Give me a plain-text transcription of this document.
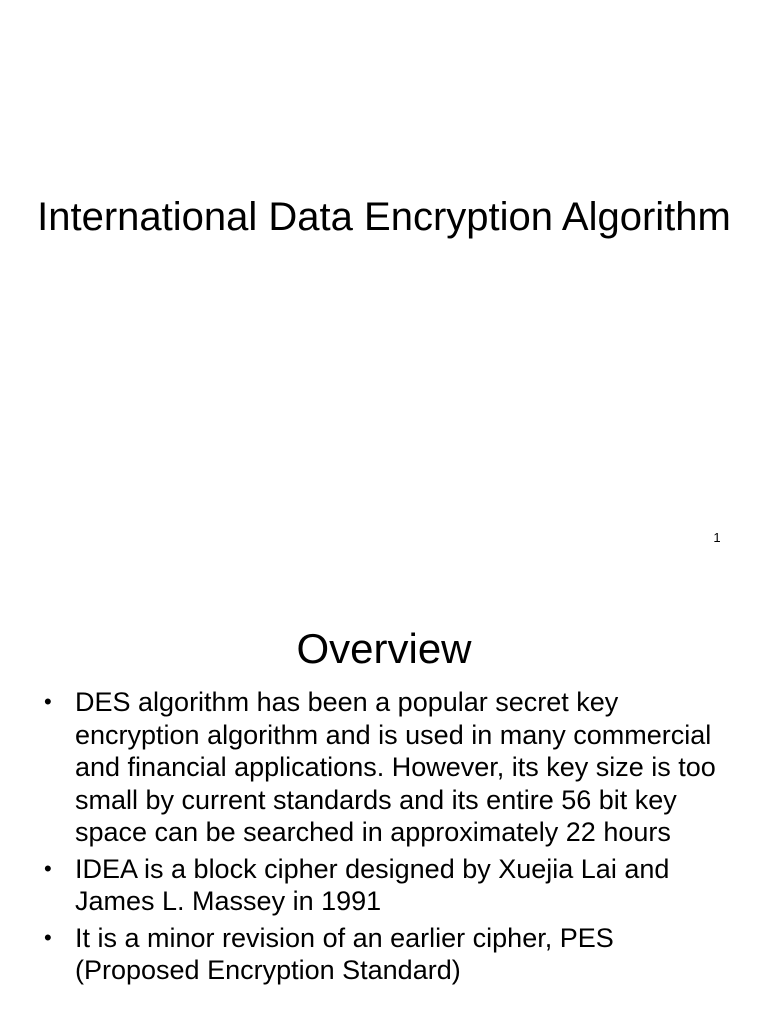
International Data Encryption Algorithm
1
Overview
• DES algorithm has been a popular secret key encryption algorithm and is used in many commercial and financial applications. However, its key size is too small by current standards and its entire 56 bit key space can be searched in approximately 22 hours
• IDEA is a block cipher designed by Xuejia Lai and James L. Massey in 1991
• It is a minor revision of an earlier cipher, PES (Proposed Encryption Standard)
